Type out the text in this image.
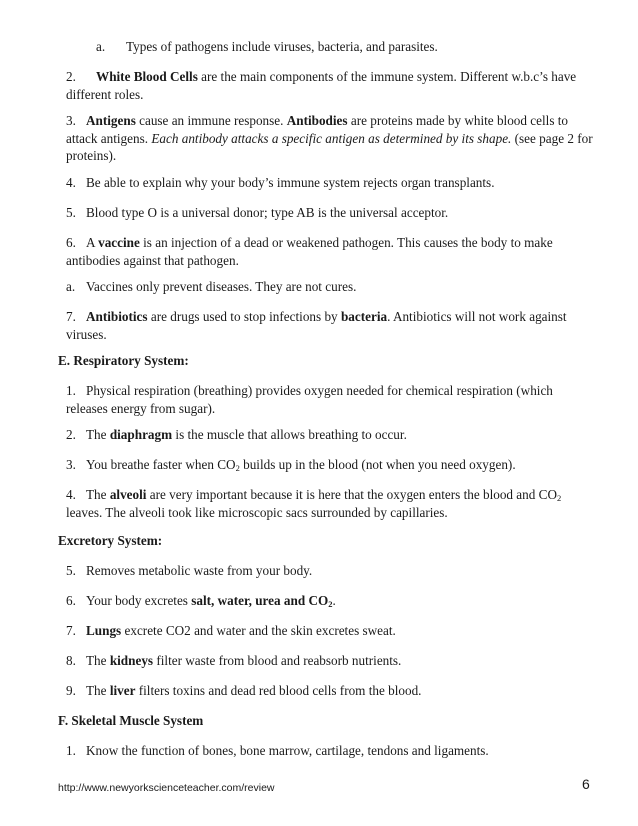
a. Types of pathogens include viruses, bacteria, and parasites.

2. White Blood Cells are the main components of the immune system. Different w.b.c’s have different roles.

3. Antigens cause an immune response. Antibodies are proteins made by white blood cells to attack antigens. Each antibody attacks a specific antigen as determined by its shape. (see page 2 for proteins).

4. Be able to explain why your body’s immune system rejects organ transplants.

5. Blood type O is a universal donor; type AB is the universal acceptor.

6. A vaccine is an injection of a dead or weakened pathogen. This causes the body to make antibodies against that pathogen.

a. Vaccines only prevent diseases. They are not cures.

7. Antibiotics are drugs used to stop infections by bacteria. Antibiotics will not work against viruses.

E. Respiratory System:

1. Physical respiration (breathing) provides oxygen needed for chemical respiration (which releases energy from sugar).

2. The diaphragm is the muscle that allows breathing to occur.

3. You breathe faster when $CO_2$ builds up in the blood (not when you need oxygen).

4. The alveoli are very important because it is here that the oxygen enters the blood and $CO_2$ leaves. The alveoli took like microscopic sacs surrounded by capillaries.

Excretory System:

5. Removes metabolic waste from your body.

6. Your body excretes salt, water, urea and $CO_2$.

7. Lungs excrete CO2 and water and the skin excretes sweat.

8. The kidneys filter waste from blood and reabsorb nutrients.

9. The liver filters toxins and dead red blood cells from the blood.

F. Skeletal Muscle System

1. Know the function of bones, bone marrow, cartilage, tendons and ligaments.

http://www.newyorkscienceteacher.com/review	6
